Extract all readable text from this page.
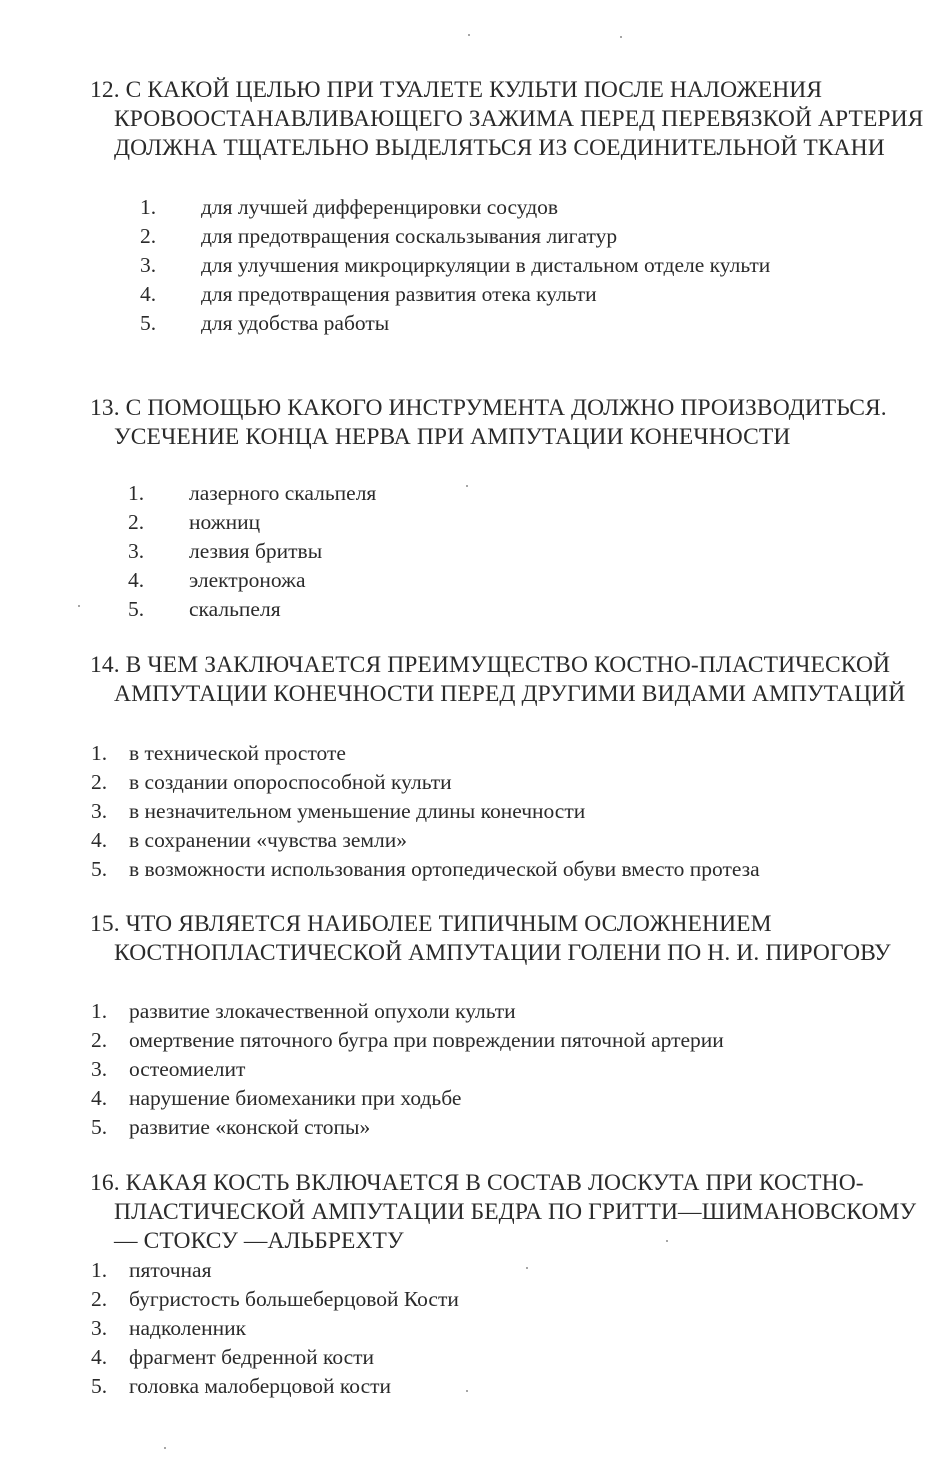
12. С КАКОЙ ЦЕЛЬЮ ПРИ ТУАЛЕТЕ КУЛЬТИ ПОСЛЕ НАЛОЖЕНИЯ КРОВООСТАНАВЛИВАЮЩЕГО ЗАЖИМА ПЕРЕД ПЕРЕВЯЗКОЙ АРТЕРИЯ ДОЛЖНА ТЩАТЕЛЬНО ВЫДЕЛЯТЬСЯ ИЗ СОЕДИНИТЕЛЬНОЙ ТКАНИ
1. для лучшей дифференцировки сосудов
2. для предотвращения соскальзывания лигатур
3. для улучшения микроциркуляции в дистальном отделе культи
4. для предотвращения развития отека культи
5. для удобства работы
13. С ПОМОЩЬЮ КАКОГО ИНСТРУМЕНТА ДОЛЖНО ПРОИЗВОДИТЬСЯ. УСЕЧЕНИЕ КОНЦА НЕРВА ПРИ АМПУТАЦИИ КОНЕЧНОСТИ
1. лазерного скальпеля
2. ножниц
3. лезвия бритвы
4. электроножа
5. скальпеля
14. В ЧЕМ ЗАКЛЮЧАЕТСЯ ПРЕИМУЩЕСТВО КОСТНО-ПЛАСТИЧЕСКОЙ АМПУТАЦИИ КОНЕЧНОСТИ ПЕРЕД ДРУГИМИ ВИДАМИ АМПУТАЦИЙ
1. в технической простоте
2. в создании опороспособной культи
3. в незначительном уменьшение длины конечности
4. в сохранении «чувства земли»
5. в возможности использования ортопедической обуви вместо протеза
15. ЧТО ЯВЛЯЕТСЯ НАИБОЛЕЕ ТИПИЧНЫМ ОСЛОЖНЕНИЕМ КОСТНОПЛАСТИЧЕСКОЙ АМПУТАЦИИ ГОЛЕНИ ПО Н. И. ПИРОГОВУ
1. развитие злокачественной опухоли культи
2. омертвение пяточного бугра при повреждении пяточной артерии
3. остеомиелит
4. нарушение биомеханики при ходьбе
5. развитие «конской стопы»
16. КАКАЯ КОСТЬ ВКЛЮЧАЕТСЯ В СОСТАВ ЛОСКУТА ПРИ КОСТНО-ПЛАСТИЧЕСКОЙ АМПУТАЦИИ БЕДРА ПО ГРИТТИ—ШИМАНОВСКОМУ — СТОКСУ —АЛЬБРЕХТУ
1. пяточная
2. бугристость большеберцовой Кости
3. надколенник
4. фрагмент бедренной кости
5. головка малоберцовой кости
